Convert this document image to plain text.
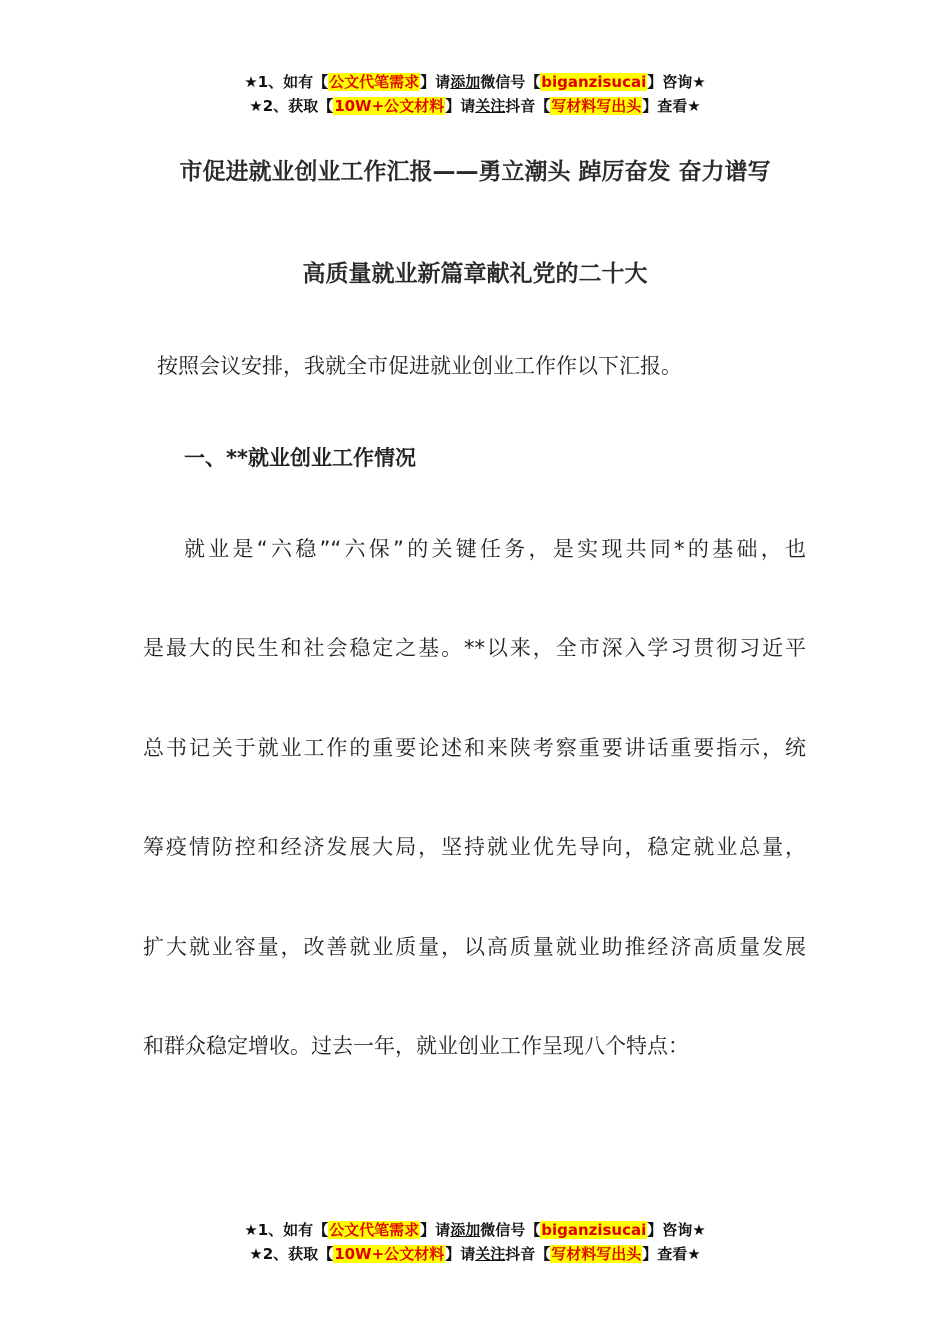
★1、如有【公文代笔需求】请添加微信号【biganzisucai】咨询★
★2、获取【10W+公文材料】请关注抖音【写材料写出头】查看★
市促进就业创业工作汇报——勇立潮头 踔厉奋发 奋力谱写
高质量就业新篇章献礼党的二十大
按照会议安排，我就全市促进就业创业工作作以下汇报。
一、**就业创业工作情况
就业是“六稳”“六保”的关键任务，是实现共同*的基础，也
是最大的民生和社会稳定之基。**以来，全市深入学习贯彻习近平
总书记关于就业工作的重要论述和来陕考察重要讲话重要指示，统
筹疫情防控和经济发展大局，坚持就业优先导向，稳定就业总量，
扩大就业容量，改善就业质量，以高质量就业助推经济高质量发展
和群众稳定增收。过去一年，就业创业工作呈现八个特点：
★1、如有【公文代笔需求】请添加微信号【biganzisucai】咨询★
★2、获取【10W+公文材料】请关注抖音【写材料写出头】查看★
